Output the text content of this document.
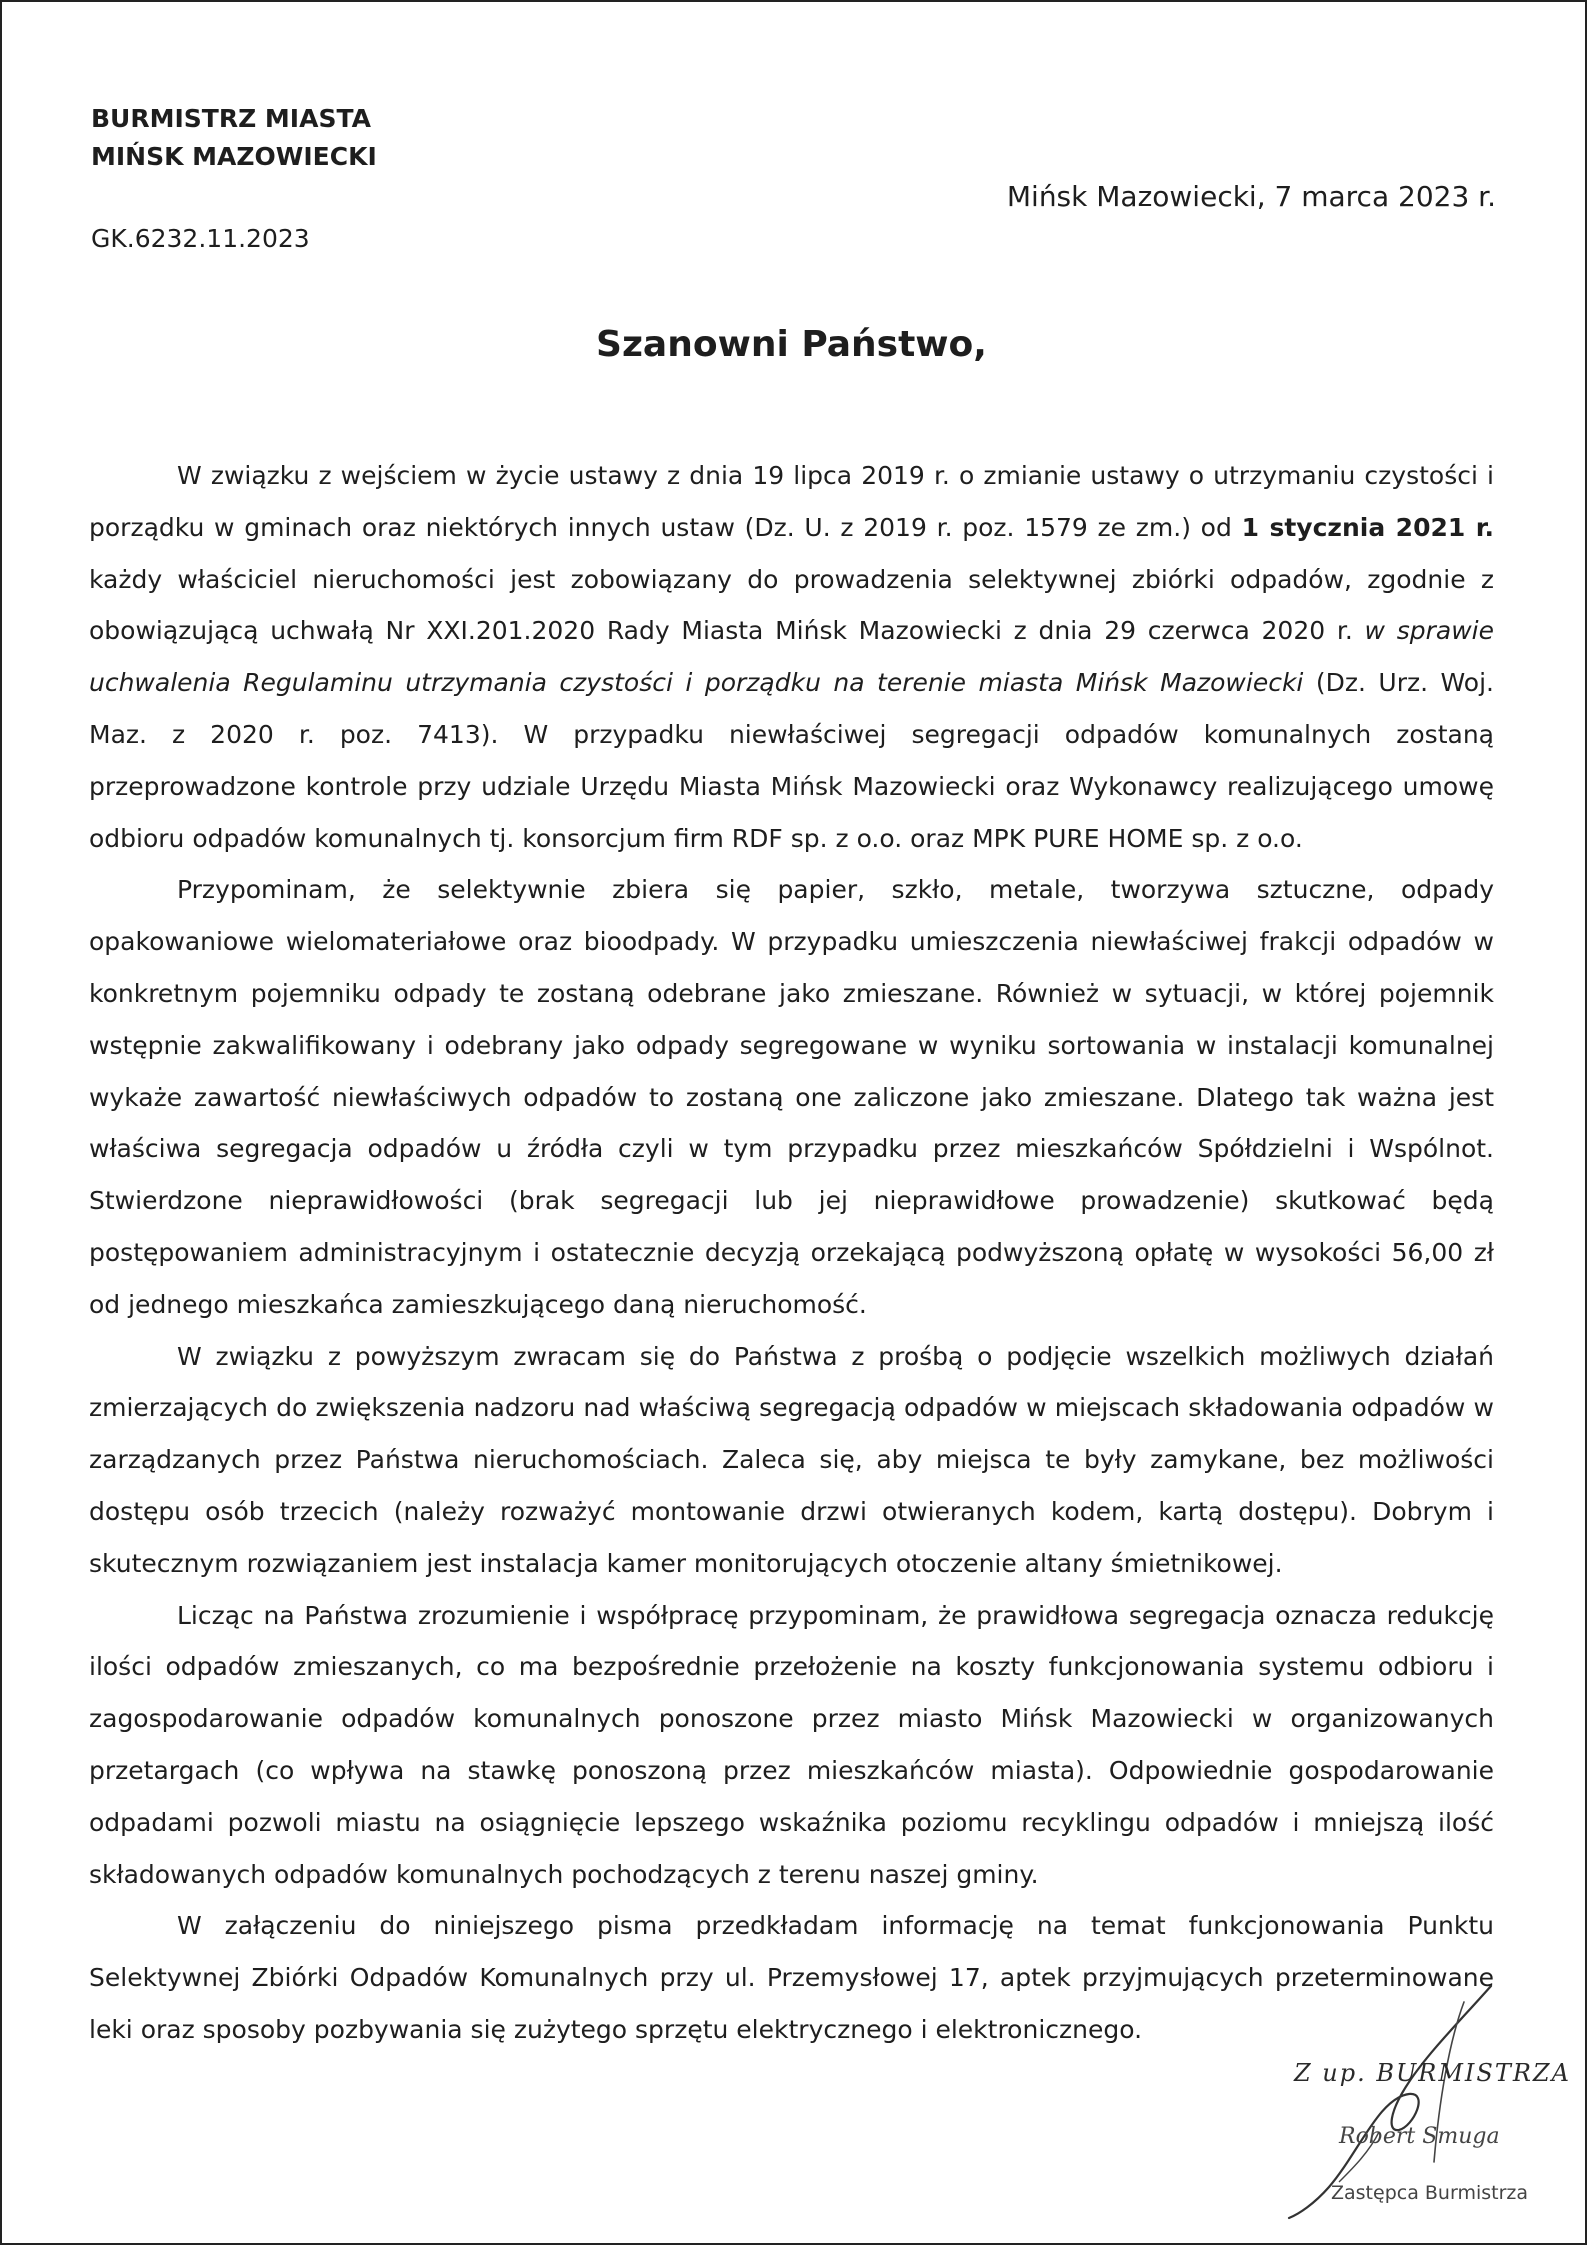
BURMISTRZ MIASTA
MIŃSK MAZOWIECKI
Mińsk Mazowiecki, 7 marca 2023 r.
GK.6232.11.2023
Szanowni Państwo,

W związku z wejściem w życie ustawy z dnia 19 lipca 2019 r. o zmianie ustawy o utrzymaniu czystości i porządku w gminach oraz niektórych innych ustaw (Dz. U. z 2019 r. poz. 1579 ze zm.) od 1 stycznia 2021 r. każdy właściciel nieruchomości jest zobowiązany do prowadzenia selektywnej zbiórki odpadów, zgodnie z obowiązującą uchwałą Nr XXI.201.2020 Rady Miasta Mińsk Mazowiecki z dnia 29 czerwca 2020 r. w sprawie uchwalenia Regulaminu utrzymania czystości i porządku na terenie miasta Mińsk Mazowiecki (Dz. Urz. Woj. Maz. z 2020 r. poz. 7413). W przypadku niewłaściwej segregacji odpadów komunalnych zostaną przeprowadzone kontrole przy udziale Urzędu Miasta Mińsk Mazowiecki oraz Wykonawcy realizującego umowę odbioru odpadów komunalnych tj. konsorcjum firm RDF sp. z o.o. oraz MPK PURE HOME sp. z o.o.

Przypominam, że selektywnie zbiera się papier, szkło, metale, tworzywa sztuczne, odpady opakowaniowe wielomateriałowe oraz bioodpady. W przypadku umieszczenia niewłaściwej frakcji odpadów w konkretnym pojemniku odpady te zostaną odebrane jako zmieszane. Również w sytuacji, w której pojemnik wstępnie zakwalifikowany i odebrany jako odpady segregowane w wyniku sortowania w instalacji komunalnej wykaże zawartość niewłaściwych odpadów to zostaną one zaliczone jako zmieszane. Dlatego tak ważna jest właściwa segregacja odpadów u źródła czyli w tym przypadku przez mieszkańców Spółdzielni i Wspólnot. Stwierdzone nieprawidłowości (brak segregacji lub jej nieprawidłowe prowadzenie) skutkować będą postępowaniem administracyjnym i ostatecznie decyzją orzekającą podwyższoną opłatę w wysokości 56,00 zł od jednego mieszkańca zamieszkującego daną nieruchomość.

W związku z powyższym zwracam się do Państwa z prośbą o podjęcie wszelkich możliwych działań zmierzających do zwiększenia nadzoru nad właściwą segregacją odpadów w miejscach składowania odpadów w zarządzanych przez Państwa nieruchomościach. Zaleca się, aby miejsca te były zamykane, bez możliwości dostępu osób trzecich (należy rozważyć montowanie drzwi otwieranych kodem, kartą dostępu). Dobrym i skutecznym rozwiązaniem jest instalacja kamer monitorujących otoczenie altany śmietnikowej.

Licząc na Państwa zrozumienie i współpracę przypominam, że prawidłowa segregacja oznacza redukcję ilości odpadów zmieszanych, co ma bezpośrednie przełożenie na koszty funkcjonowania systemu odbioru i zagospodarowanie odpadów komunalnych ponoszone przez miasto Mińsk Mazowiecki w organizowanych przetargach (co wpływa na stawkę ponoszoną przez mieszkańców miasta). Odpowiednie gospodarowanie odpadami pozwoli miastu na osiągnięcie lepszego wskaźnika poziomu recyklingu odpadów i mniejszą ilość składowanych odpadów komunalnych pochodzących z terenu naszej gminy.

W załączeniu do niniejszego pisma przedkładam informację na temat funkcjonowania Punktu Selektywnej Zbiórki Odpadów Komunalnych przy ul. Przemysłowej 17, aptek przyjmujących przeterminowane leki oraz sposoby pozbywania się zużytego sprzętu elektrycznego i elektronicznego.

Z up. BURMISTRZA
Robert Smuga
Zastępca Burmistrza
